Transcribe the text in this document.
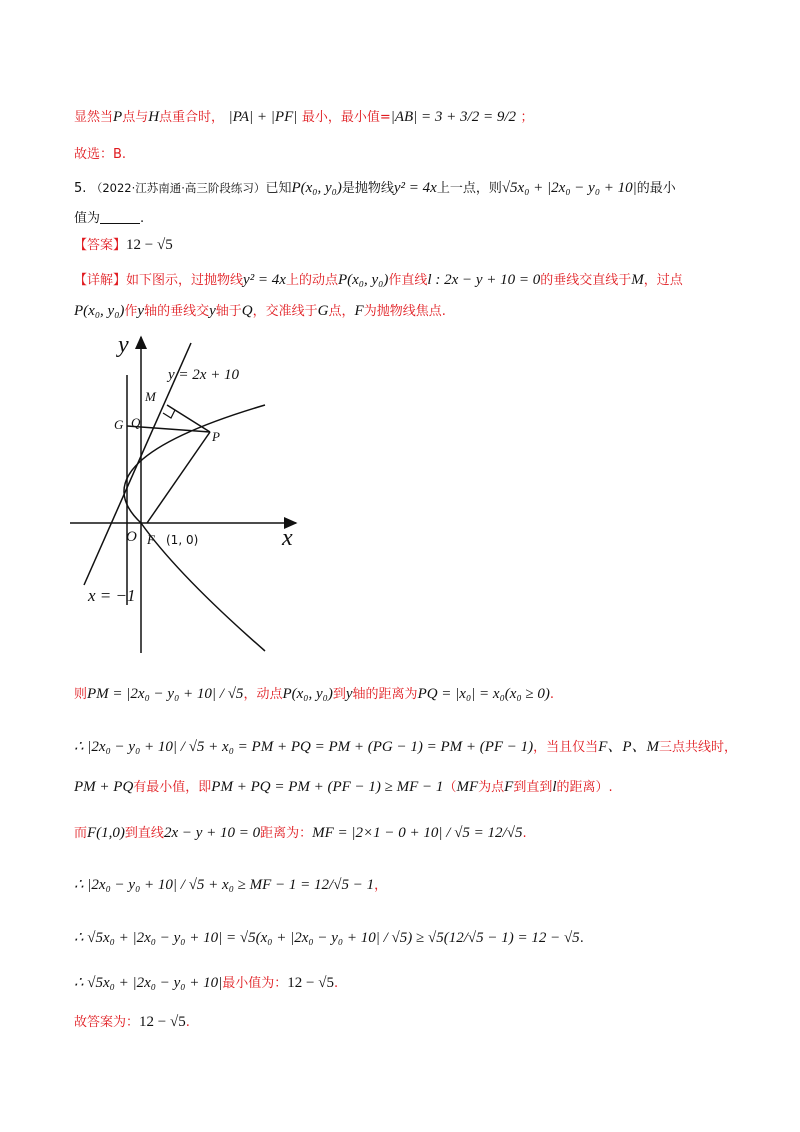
显然当P点与H点重合时， |PA| + |PF| 最小，最小值=|AB| = 3 + 3/2 = 9/2 ；
故选：B.
5. （2022·江苏南通·高三阶段练习）已知P(x₀, y₀)是抛物线y² = 4x上一点，则√5x₀ + |2x₀ − y₀ + 10|的最小
值为	.
【答案】12 − √5
【详解】如下图示，过抛物线y² = 4x上的动点P(x₀, y₀)作直线l : 2x − y + 10 = 0的垂线交直线于M，过点
P(x₀, y₀)作y轴的垂线交y轴于Q，交准线于G点，F为抛物线焦点.
y
x
y = 2x + 10
x = −1
O F (1, 0)
M
G Q
P
则PM = |2x₀ − y₀ + 10| / √5，动点P(x₀, y₀)到y轴的距离为PQ = |x₀| = x₀(x₀ ≥ 0).
∴ |2x₀ − y₀ + 10| / √5 + x₀ = PM + PQ = PM + (PG − 1) = PM + (PF − 1)，当且仅当F、P、M三点共线时，
PM + PQ有最小值，即PM + PQ = PM + (PF − 1) ≥ MF − 1（MF为点F到直到l的距离）.
而F(1,0)到直线2x − y + 10 = 0距离为：MF = |2×1 − 0 + 10| / √5 = 12/√5.
∴ |2x₀ − y₀ + 10| / √5 + x₀ ≥ MF − 1 = 12/√5 − 1，
∴ √5x₀ + |2x₀ − y₀ + 10| = √5(x₀ + |2x₀ − y₀ + 10| / √5) ≥ √5(12/√5 − 1) = 12 − √5.
∴ √5x₀ + |2x₀ − y₀ + 10|最小值为：12 − √5.
故答案为：12 − √5.
